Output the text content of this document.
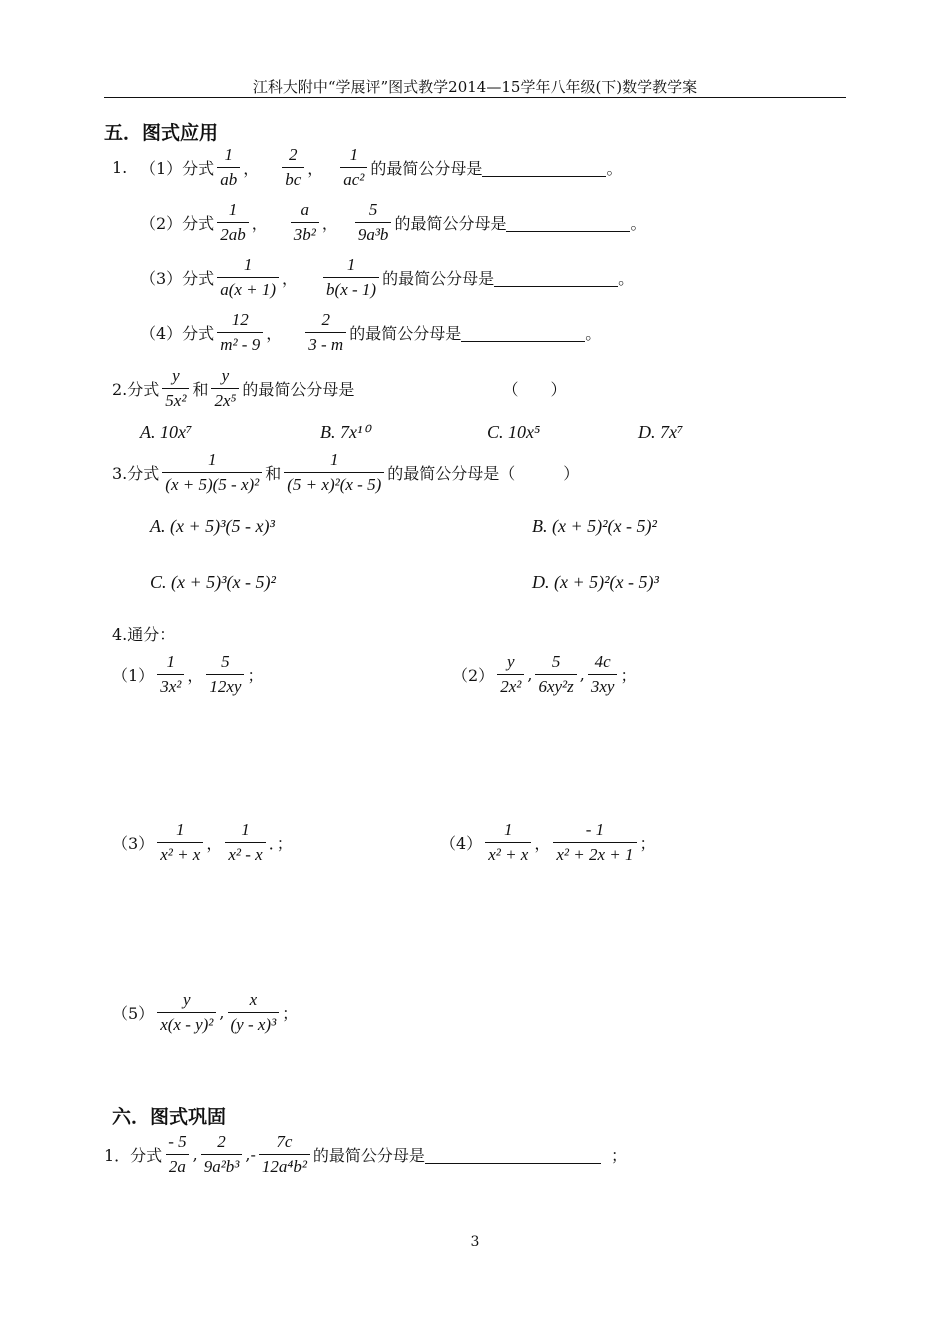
江科大附中“学展评”图式教学2014—15学年八年级(下)数学教学案
五．图式应用
1. （1）分式 $\frac{1}{ab}$ ， $\frac{2}{bc}$ ， $\frac{1}{\text{ac²}}$ 的最简公分母是	。
（2）分式 $\frac{1}{2ab}$ ， $\frac{a}{\text{3b²}}$ ， $\frac{5}{\text{9a³b}}$ 的最简公分母是	。
（3）分式 $\frac{1}{a(x + 1)}$ ， $\frac{1}{b(x - 1)}$ 的最简公分母是	。
（4）分式 $\frac{12}{\text{m² - 9}}$ ， $\frac{2}{3 - m}$ 的最简公分母是	。
2.分式 $\frac{y}{\text{5x²}}$ 和 $\frac{y}{\text{2x⁵}}$ 的最简公分母是	（　　）
A. 10x⁷	B. 7x¹⁰	C. 10x⁵	D. 7x⁷
3.分式 $\frac{1}{\text{(x + 5)(5 - x)²}}$ 和 $\frac{1}{\text{(5 + x)²(x - 5)}}$ 的最简公分母是（　　　）
A. (x + 5)³(5 - x)³	B. (x + 5)²(x - 5)²
C. (x + 5)³(x - 5)²	D. (x + 5)²(x - 5)³
4.通分：
$(1) \frac{1}{\text{3x²}}$ ， $\frac{5}{12xy}$ ；	$(2) \frac{y}{\text{2x²}}$ , $\frac{5}{\text{6xy²z}}$ , $\frac{4c}{3xy}$ ；
$(3) \frac{1}{\text{x² + x}}$ ， $\frac{1}{\text{x² - x}}$ ．；	$(4) \frac{1}{\text{x² + x}}$ ， $\frac{- 1}{\text{x² + 2x + 1}}$ ；
$(5) \frac{y}{\text{x(x - y)²}}$ , $\frac{x}{\text{(y - x)³}}$ ；
六．图式巩固
1．分式 $\frac{- 5}{2a}$ , $\frac{2}{\text{9a²b³}}$ , - $\frac{7c}{\text{12a⁴b²}}$ 的最简公分母是	；
3
